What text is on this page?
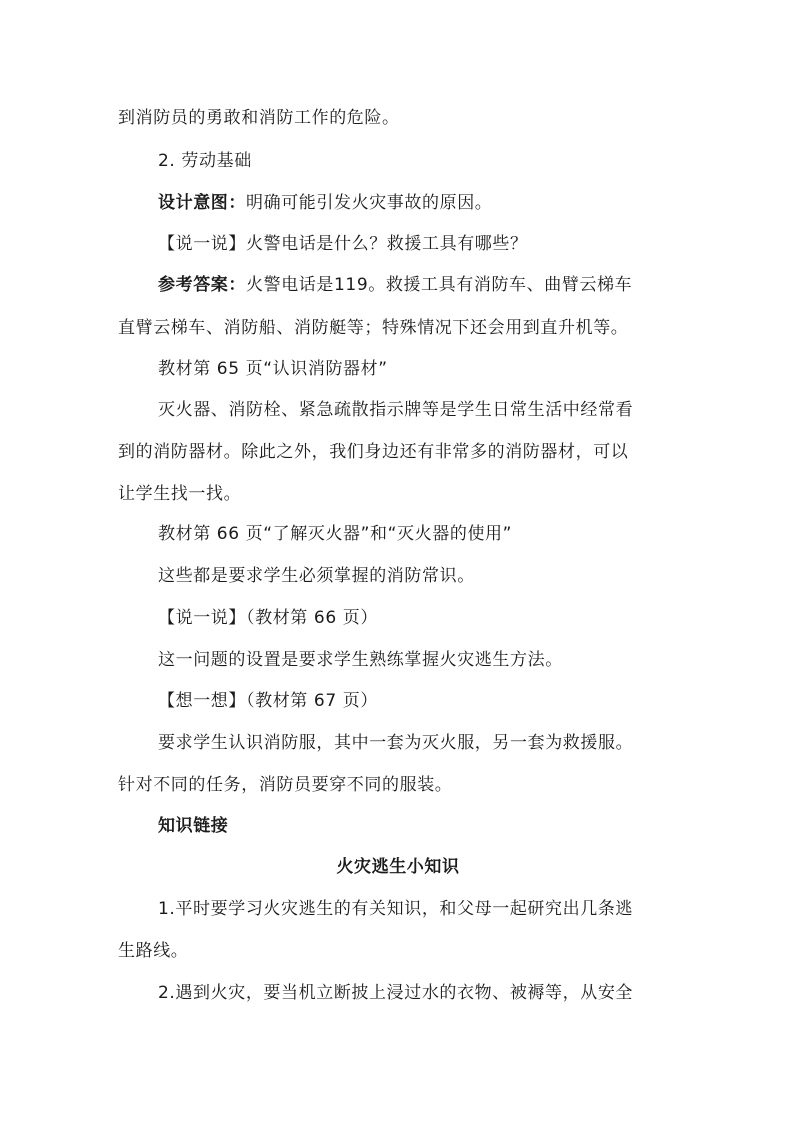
到消防员的勇敢和消防工作的危险。
2. 劳动基础
设计意图：明确可能引发火灾事故的原因。
【说一说】火警电话是什么？救援工具有哪些？
参考答案：火警电话是119。救援工具有消防车、曲臂云梯车
直臂云梯车、消防船、消防艇等；特殊情况下还会用到直升机等。
教材第 65 页“认识消防器材”
灭火器、消防栓、紧急疏散指示牌等是学生日常生活中经常看
到的消防器材。除此之外，我们身边还有非常多的消防器材，可以
让学生找一找。
教材第 66 页“了解灭火器”和“灭火器的使用”
这些都是要求学生必须掌握的消防常识。
【说一说】（教材第 66 页）
这一问题的设置是要求学生熟练掌握火灾逃生方法。
【想一想】（教材第 67 页）
要求学生认识消防服，其中一套为灭火服，另一套为救援服。
针对不同的任务，消防员要穿不同的服装。
知识链接
火灾逃生小知识
1.平时要学习火灾逃生的有关知识，和父母一起研究出几条逃
生路线。
2.遇到火灾，要当机立断披上浸过水的衣物、被褥等，从安全
